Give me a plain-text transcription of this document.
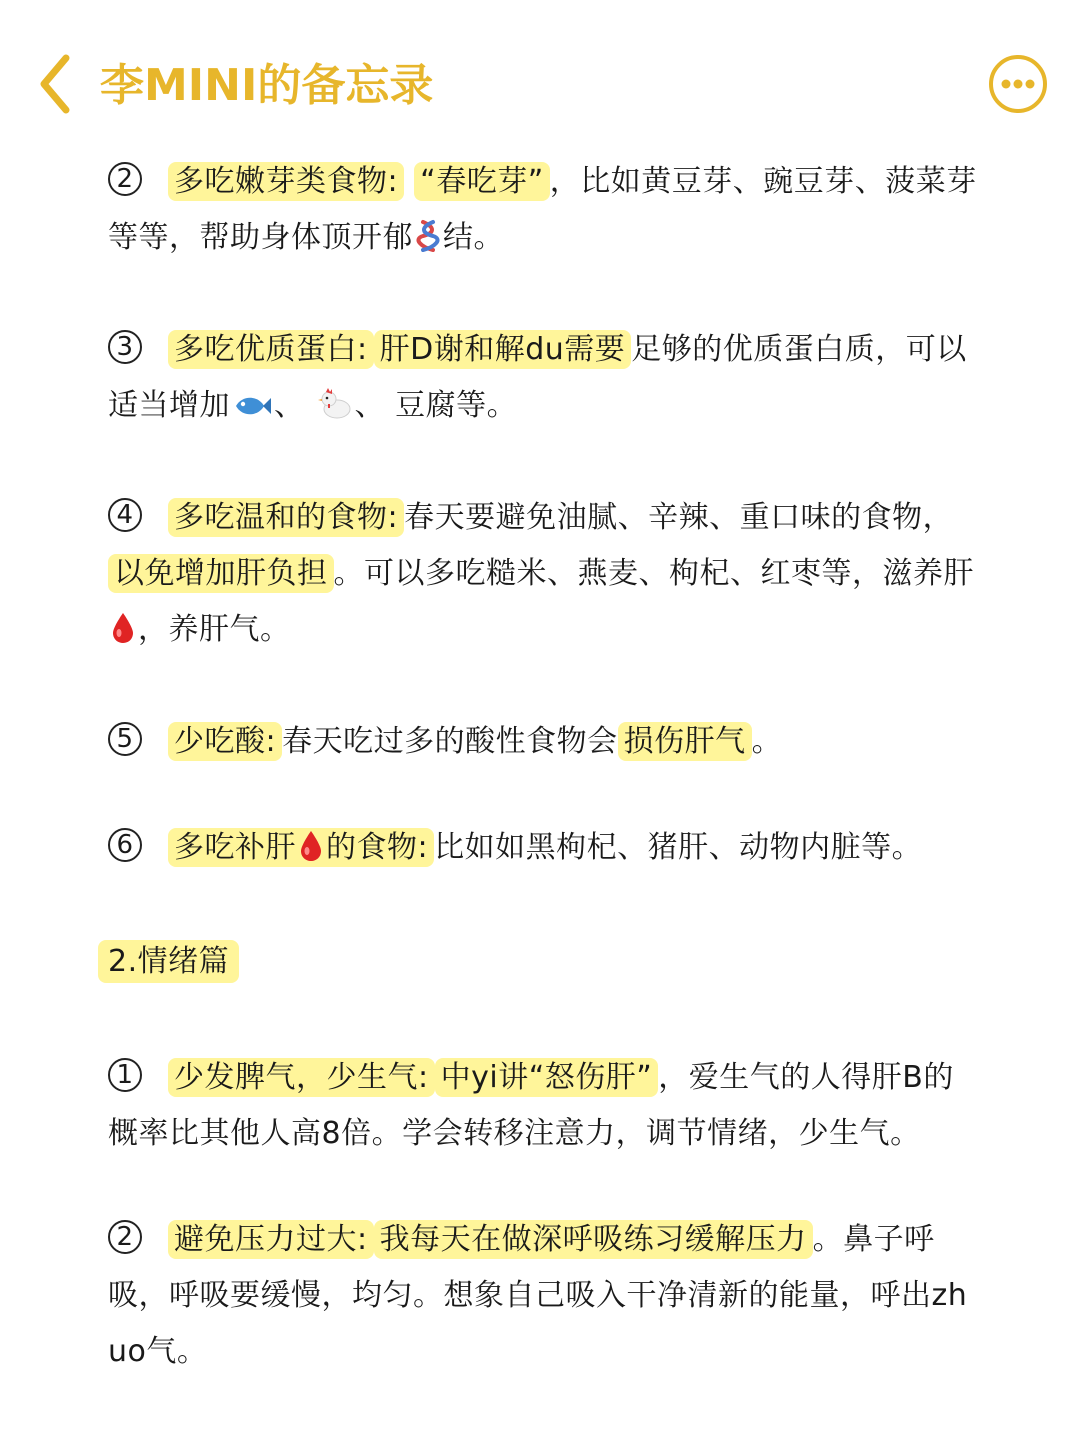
李MINI的备忘录

2 多吃嫩芽类食物: “春吃芽” ，比如黄豆芽、豌豆芽、菠菜芽等等，帮助身体顶开郁 结。

3 多吃优质蛋白: 肝D谢和解du需要 足够的优质蛋白质，可以适当增加 、 、 豆腐等。

4 多吃温和的食物: 春天要避免油腻、辛辣、重口味的食物，以免增加肝负担 。可以多吃糙米、燕麦、枸杞、红枣等，滋养肝，养肝气。

5 少吃酸: 春天吃过多的酸性食物会 损伤肝气 。

6 多吃补肝 的食物: 比如如黑枸杞、猪肝、动物内脏等。

2.情绪篇

1 少发脾气，少生气: 中yi讲“怒伤肝” ，爱生气的人得肝B的概率比其他人高8倍。学会转移注意力，调节情绪，少生气。

2 避免压力过大: 我每天在做深呼吸练习缓解压力 。鼻子呼吸，呼吸要缓慢，均匀。想象自己吸入干净清新的能量，呼出zhuo气。
